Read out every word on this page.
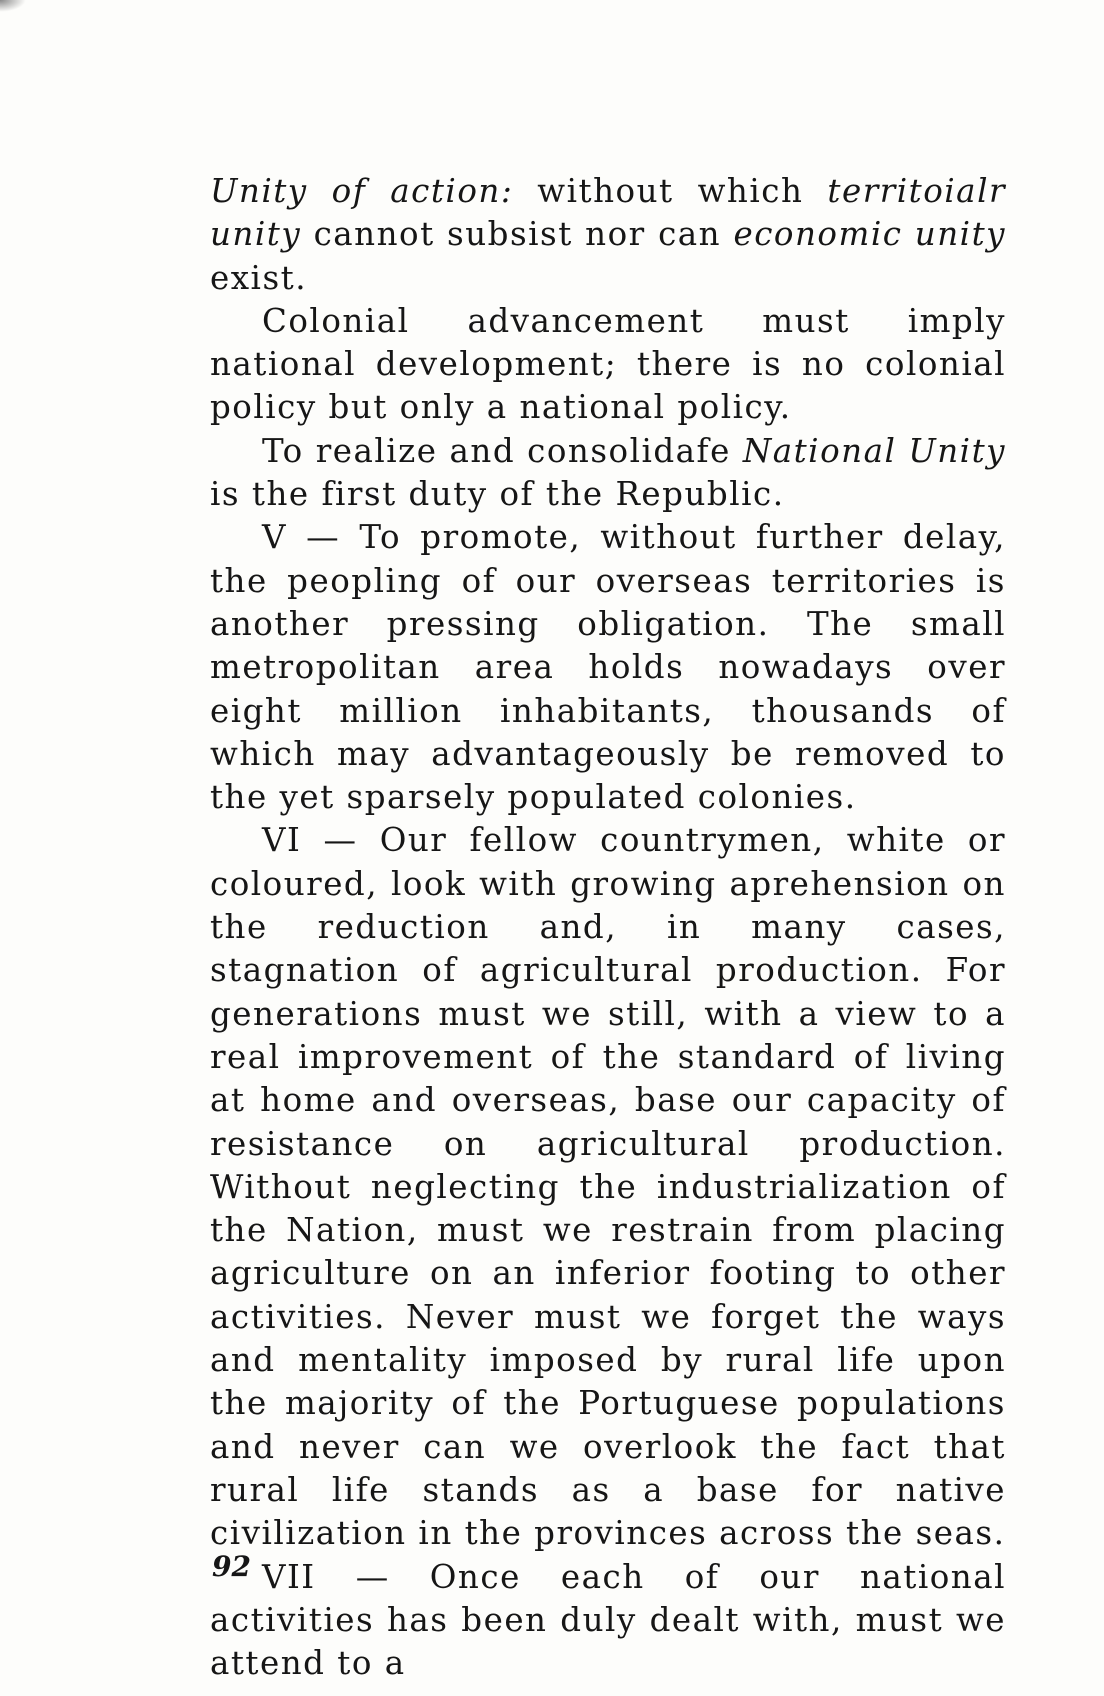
Unity of action: without which territoialr unity cannot subsist nor can economic unity exist.

Colonial advancement must imply national development; there is no colonial policy but only a national policy.

To realize and consolidafe National Unity is the first duty of the Republic.

V — To promote, without further delay, the peopling of our overseas territories is another pressing obligation. The small metropolitan area holds nowadays over eight million inhabitants, thousands of which may advantageously be removed to the yet sparsely populated colonies.

VI — Our fellow countrymen, white or coloured, look with growing aprehension on the reduction and, in many cases, stagnation of agricultural production. For generations must we still, with a view to a real improvement of the standard of living at home and overseas, base our capacity of resistance on agricultural production. Without neglecting the industrialization of the Nation, must we restrain from placing agriculture on an inferior footing to other activities. Never must we forget the ways and mentality imposed by rural life upon the majority of the Portuguese populations and never can we overlook the fact that rural life stands as a base for native civilization in the provinces across the seas.

VII — Once each of our national activities has been duly dealt with, must we attend to a

92
